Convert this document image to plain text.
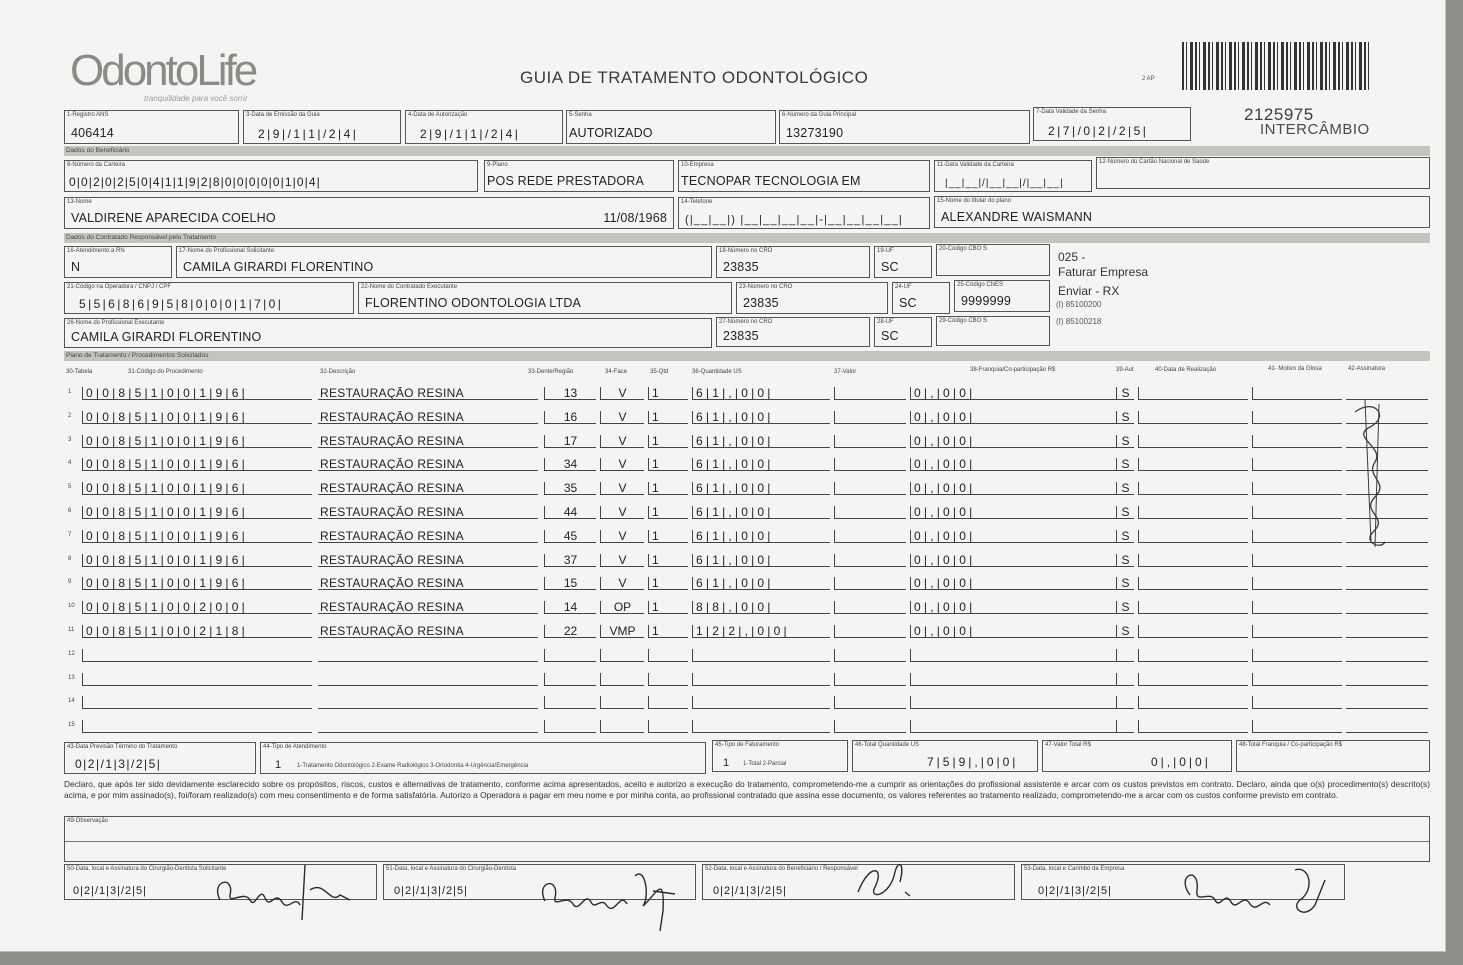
OdontoLife
tranquilidade para você sorrir
GUIA DE TRATAMENTO ODONTOLÓGICO	2 AP
2125975
INTERCÂMBIO
1-Registro ANS
406414
3-Data de Emissão da Guia
2|9|/1|1|/2|4|
4-Data de Autorização
2|9|/1|1|/2|4|
5-Senha
AUTORIZADO
6-Número da Guia Principal
13273190
7-Data Validade da Senha
2|7|/0|2|/2|5|
Dados do Beneficiário
8-Número da Carteira
0|0|2|0|2|5|0|4|1|1|9|2|8|0|0|0|0|0|1|0|4|
9-Plano
POS REDE PRESTADORA
10-Empresa
TECNOPAR TECNOLOGIA EM
11-Data Validade da Carteira
|__|__|/|__|__|/|__|__|
12-Número do Cartão Nacional de Saúde
13-Nome
VALDIRENE APARECIDA COELHO	11/08/1968
14-Telefone
(|__|__|) |__|__|__|__|-|__|__|__|__|
15-Nome do titular do plano
ALEXANDRE WAISMANN
Dados do Contratado Responsável pelo Tratamento
16-Atendimento a RN
N
17-Nome do Profissional Solicitante
CAMILA GIRARDI FLORENTINO
18-Número no CRO
23835
19-UF
SC
20-Código CBO S
21-Código na Operadora / CNPJ / CPF
5|5|6|8|6|9|5|8|0|0|0|1|7|0|
22-Nome do Contratado Executante
FLORENTINO ODONTOLOGIA LTDA
23-Número no CRO
23835
24-UF
SC
25-Código CNES
9999999
26-Nome do Profissional Executante
CAMILA GIRARDI FLORENTINO
27-Número no CRO
23835
28-UF
SC
29-Código CBO S
025 -
Faturar Empresa
Enviar - RX
(I) 85100200
(I) 85100218
Plano de Tratamento / Procedimentos Solicitados
30-Tabela	31-Código do Procedimento	32-Descrição	33-Dente/Região	34-Face	35-Qtd	36-Quantidade US	37-Valor	38-Franquia/Co-participação R$	39-Aut	40-Data de Realização	41- Motivo da Glosa	42-Assinatura
1	0|0|8|5|1|0|0|1|9|6|	RESTAURAÇÃO RESINA	13	V	1	6|1|,|0|0|	0|,|0|0|	S
2	0|0|8|5|1|0|0|1|9|6|	RESTAURAÇÃO RESINA	16	V	1	6|1|,|0|0|	0|,|0|0|	S
3	0|0|8|5|1|0|0|1|9|6|	RESTAURAÇÃO RESINA	17	V	1	6|1|,|0|0|	0|,|0|0|	S
4	0|0|8|5|1|0|0|1|9|6|	RESTAURAÇÃO RESINA	34	V	1	6|1|,|0|0|	0|,|0|0|	S
5	0|0|8|5|1|0|0|1|9|6|	RESTAURAÇÃO RESINA	35	V	1	6|1|,|0|0|	0|,|0|0|	S
6	0|0|8|5|1|0|0|1|9|6|	RESTAURAÇÃO RESINA	44	V	1	6|1|,|0|0|	0|,|0|0|	S
7	0|0|8|5|1|0|0|1|9|6|	RESTAURAÇÃO RESINA	45	V	1	6|1|,|0|0|	0|,|0|0|	S
8	0|0|8|5|1|0|0|1|9|6|	RESTAURAÇÃO RESINA	37	V	1	6|1|,|0|0|	0|,|0|0|	S
9	0|0|8|5|1|0|0|1|9|6|	RESTAURAÇÃO RESINA	15	V	1	6|1|,|0|0|	0|,|0|0|	S
10 0|0|8|5|1|0|0|2|0|0|	RESTAURAÇÃO RESINA	14	OP	1	8|8|,|0|0|	0|,|0|0|	S
11 0|0|8|5|1|0|0|2|1|8|	RESTAURAÇÃO RESINA	22	VMP	1	1|2|2|,|0|0|	0|,|0|0|	S
12
13
14
15
43-Data Previsão Término do Tratamento
0|2|/1|3|/2|5|
44-Tipo de Atendimento
1 1-Tratamento Odontológico 2-Exame Radiológico 3-Ortodontia 4-Urgência/Emergência
45-Tipo de Faturamento
1 1-Total 2-Parcial
46-Total Quantidade US
7|5|9|,|0|0|
47-Valor Total R$
0|,|0|0|
48-Total Franquia / Co-participação R$
Declaro, que após ter sido devidamente esclarecido sobre os propósitos, riscos, custos e alternativas de tratamento, conforme acima apresentados, aceito e autorizo a execução do tratamento, comprometendo-me a cumprir as orientações do profissional assistente e arcar com os custos previstos em contrato. Declaro, ainda que o(s) procedimento(s) descrito(s) acima, e por mim assinado(s), foi/foram realizado(s) com meu consentimento e de forma satisfatória. Autorizo a Operadora a pagar em meu nome e por minha conta, ao profissional contratado que assina esse documento, os valores referentes ao tratamento realizado, comprometendo-me a arcar com os custos conforme previsto em contrato.
49-Observação
50-Data, local e Assinatura do Cirurgião-Dentista Solicitante
0|2|/1|3|/2|5|
51-Data, local e Assinatura do Cirurgião-Dentista
0|2|/1|3|/2|5|
52-Data, local e Assinatura do Beneficiário / Responsável
0|2|/1|3|/2|5|
53-Data, local e Carimbo da Empresa
0|2|/1|3|/2|5|
